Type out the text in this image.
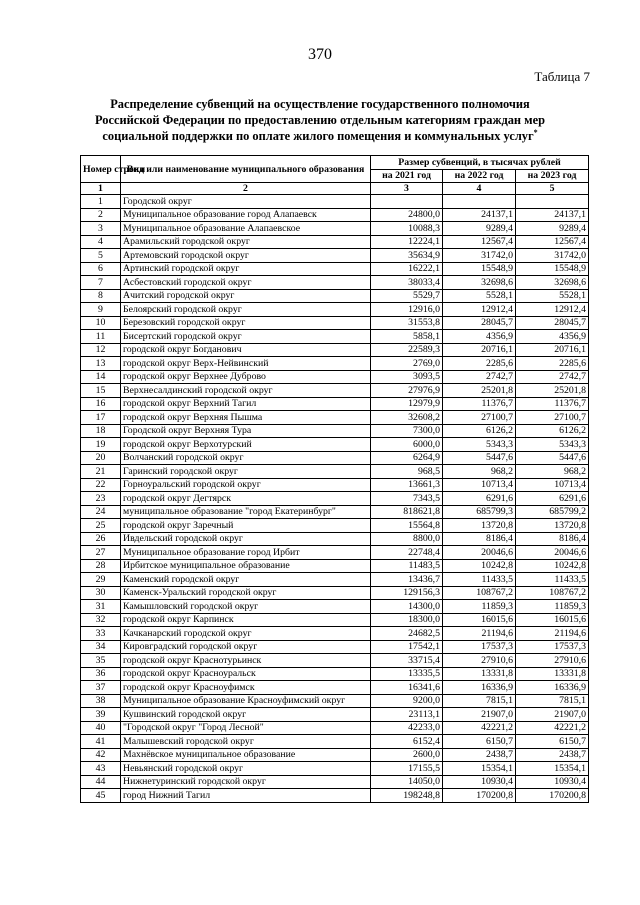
370
Таблица 7
Распределение субвенций на осуществление государственного полномочия Российской Федерации по предоставлению отдельным категориям граждан мер социальной поддержки по оплате жилого помещения и коммунальных услуг*
Номер строки	Вид или наименование муниципального образования	Размер субвенций, в тысячах рублей		
		на 2021 год	на 2022 год	на 2023 год
1	2	3	4	5
1	Городской округ			
2	Муниципальное образование город Алапаевск	24800,0	24137,1	24137,1
3	Муниципальное образование Алапаевское	10088,3	9289,4	9289,4
4	Арамильский городской округ	12224,1	12567,4	12567,4
5	Артемовский городской округ	35634,9	31742,0	31742,0
6	Артинский городской округ	16222,1	15548,9	15548,9
7	Асбестовский городской округ	38033,4	32698,6	32698,6
8	Ачитский городской округ	5529,7	5528,1	5528,1
9	Белоярский городской округ	12916,0	12912,4	12912,4
10	Березовский городской округ	31553,8	28045,7	28045,7
11	Бисертский городской округ	5858,1	4356,9	4356,9
12	городской округ Богданович	22589,3	20716,1	20716,1
13	городской округ Верх-Нейвинский	2769,0	2285,6	2285,6
14	городской округ Верхнее Дуброво	3093,5	2742,7	2742,7
15	Верхнесалдинский городской округ	27976,9	25201,8	25201,8
16	городской округ Верхний Тагил	12979,9	11376,7	11376,7
17	городской округ Верхняя Пышма	32608,2	27100,7	27100,7
18	Городской округ Верхняя Тура	7300,0	6126,2	6126,2
19	городской округ Верхотурский	6000,0	5343,3	5343,3
20	Волчанский городской округ	6264,9	5447,6	5447,6
21	Гаринский городской округ	968,5	968,2	968,2
22	Горноуральский городской округ	13661,3	10713,4	10713,4
23	городской округ Дегтярск	7343,5	6291,6	6291,6
24	муниципальное образование "город Екатеринбург"	818621,8	685799,3	685799,2
25	городской округ Заречный	15564,8	13720,8	13720,8
26	Ивдельский городской округ	8800,0	8186,4	8186,4
27	Муниципальное образование город Ирбит	22748,4	20046,6	20046,6
28	Ирбитское муниципальное образование	11483,5	10242,8	10242,8
29	Каменский городской округ	13436,7	11433,5	11433,5
30	Каменск-Уральский городской округ	129156,3	108767,2	108767,2
31	Камышловский городской округ	14300,0	11859,3	11859,3
32	городской округ Карпинск	18300,0	16015,6	16015,6
33	Качканарский городской округ	24682,5	21194,6	21194,6
34	Кировградский городской округ	17542,1	17537,3	17537,3
35	городской округ Краснотурьинск	33715,4	27910,6	27910,6
36	городской округ Красноуральск	13335,5	13331,8	13331,8
37	городской округ Красноуфимск	16341,6	16336,9	16336,9
38	Муниципальное образование Красноуфимский округ	9200,0	7815,1	7815,1
39	Кушвинский городской округ	23113,1	21907,0	21907,0
40	"Городской округ "Город Лесной"	42233,0	42221,2	42221,2
41	Малышевский городской округ	6152,4	6150,7	6150,7
42	Махнёвское муниципальное образование	2600,0	2438,7	2438,7
43	Невьянский городской округ	17155,5	15354,1	15354,1
44	Нижнетуринский городской округ	14050,0	10930,4	10930,4
45	город Нижний Тагил	198248,8	170200,8	170200,8
